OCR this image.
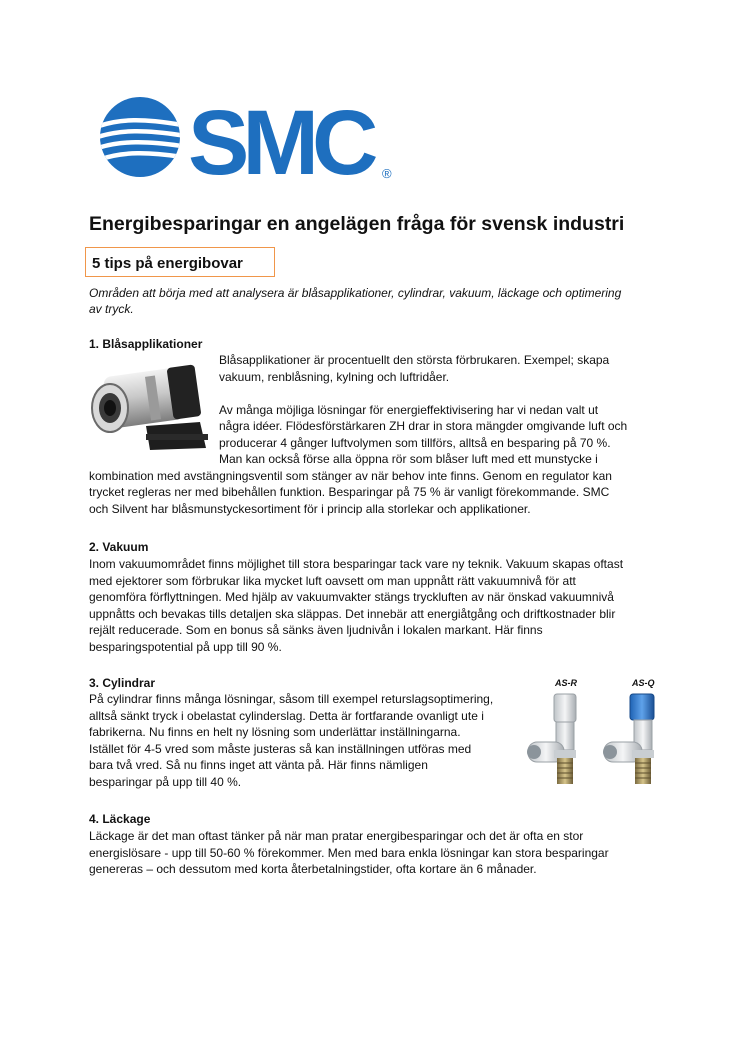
SMC ®
Energibesparingar en angelägen fråga för svensk industri
5 tips på energibovar
Områden att börja med att analysera är blåsapplikationer, cylindrar, vakuum, läckage och optimering
av tryck.
1. Blåsapplikationer
Blåsapplikationer är procentuellt den största förbrukaren. Exempel; skapa
vakuum, renblåsning, kylning och luftridåer.

Av många möjliga lösningar för energieffektivisering har vi nedan valt ut
några idéer. Flödesförstärkaren ZH drar in stora mängder omgivande luft och
producerar 4 gånger luftvolymen som tillförs, alltså en besparing på 70 %.
Man kan också förse alla öppna rör som blåser luft med ett munstycke i
kombination med avstängningsventil som stänger av när behov inte finns. Genom en regulator kan
trycket regleras ner med bibehållen funktion. Besparingar på 75 % är vanligt förekommande. SMC
och Silvent har blåsmunstyckesortiment för i princip alla storlekar och applikationer.
2. Vakuum
Inom vakuumområdet finns möjlighet till stora besparingar tack vare ny teknik. Vakuum skapas oftast
med ejektorer som förbrukar lika mycket luft oavsett om man uppnått rätt vakuumnivå för att
genomföra förflyttningen. Med hjälp av vakuumvakter stängs tryckluften av när önskad vakuumnivå
uppnåtts och bevakas tills detaljen ska släppas. Det innebär att energiåtgång och driftkostnader blir
rejält reducerade. Som en bonus så sänks även ljudnivån i lokalen markant. Här finns
besparingspotential på upp till 90 %.
3. Cylindrar
På cylindrar finns många lösningar, såsom till exempel returslagsoptimering,
alltså sänkt tryck i obelastat cylinderslag. Detta är fortfarande ovanligt ute i
fabrikerna. Nu finns en helt ny lösning som underlättar inställningarna.
Istället för 4-5 vred som måste justeras så kan inställningen utföras med
bara två vred. Så nu finns inget att vänta på. Här finns nämligen
besparingar på upp till 40 %.
AS-R	AS-Q
4. Läckage
Läckage är det man oftast tänker på när man pratar energibesparingar och det är ofta en stor
energislösare - upp till 50-60 % förekommer. Men med bara enkla lösningar kan stora besparingar
genereras – och dessutom med korta återbetalningstider, ofta kortare än 6 månader.
